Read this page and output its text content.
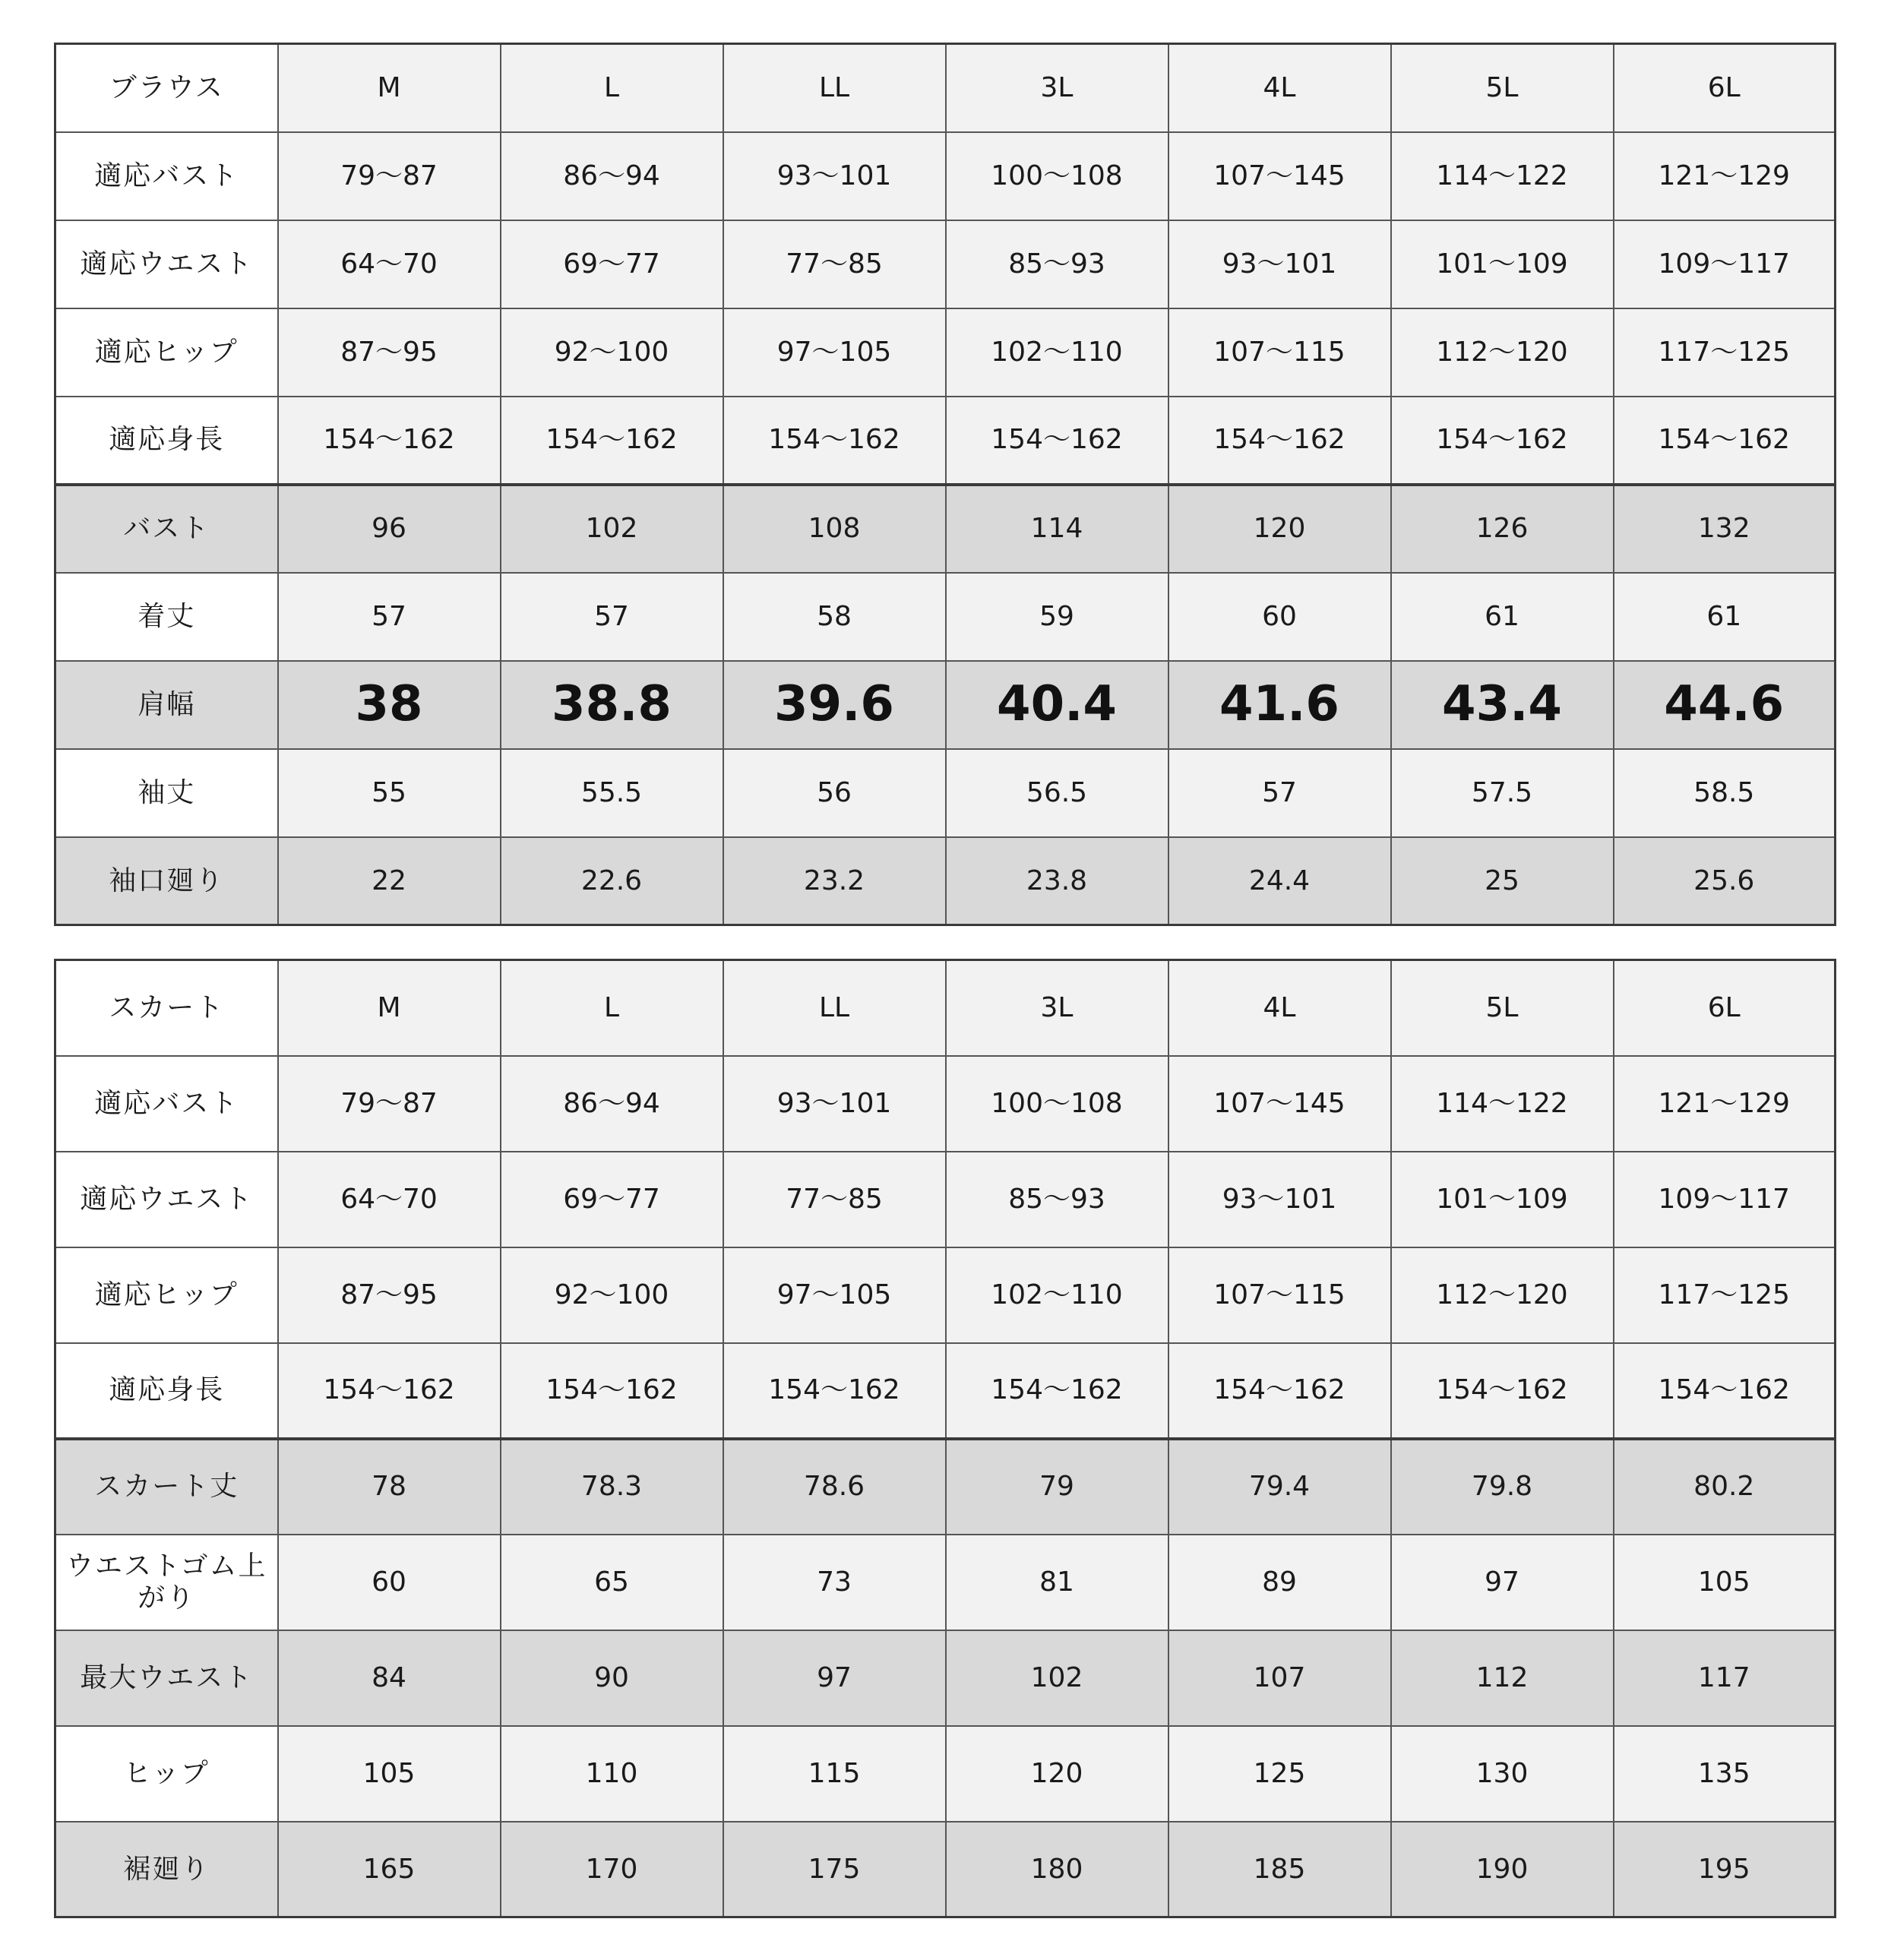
ブラウス	M	L	LL	3L	4L	5L	6L
適応バスト	79～87	86～94	93～101	100～108	107～145	114～122	121～129
適応ウエスト	64～70	69～77	77～85	85～93	93～101	101～109	109～117
適応ヒップ	87～95	92～100	97～105	102～110	107～115	112～120	117～125
適応身長	154～162	154～162	154～162	154～162	154～162	154～162	154～162
バスト	96	102	108	114	120	126	132
着丈	57	57	58	59	60	61	61
肩幅	38	38.8	39.6	40.4	41.6	43.4	44.6
袖丈	55	55.5	56	56.5	57	57.5	58.5
袖口廻り	22	22.6	23.2	23.8	24.4	25	25.6
スカート	M	L	LL	3L	4L	5L	6L
適応バスト	79～87	86～94	93～101	100～108	107～145	114～122	121～129
適応ウエスト	64～70	69～77	77～85	85～93	93～101	101～109	109～117
適応ヒップ	87～95	92～100	97～105	102～110	107～115	112～120	117～125
適応身長	154～162	154～162	154～162	154～162	154～162	154～162	154～162
スカート丈	78	78.3	78.6	79	79.4	79.8	80.2
ウエストゴム上がり	60	65	73	81	89	97	105
最大ウエスト	84	90	97	102	107	112	117
ヒップ	105	110	115	120	125	130	135
裾廻り	165	170	175	180	185	190	195
